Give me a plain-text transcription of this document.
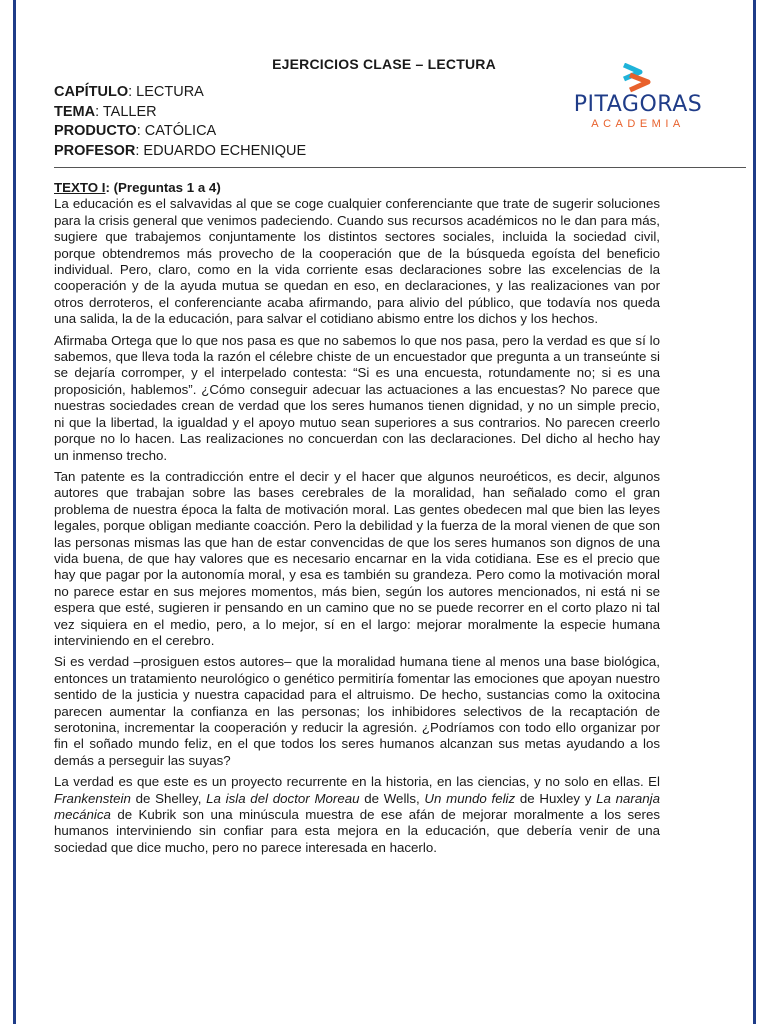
EJERCICIOS CLASE – LECTURA
CAPÍTULO: LECTURA
TEMA: TALLER
PRODUCTO: CATÓLICA
PROFESOR: EDUARDO ECHENIQUE
PITAGORAS
ACADEMIA
TEXTO I: (Preguntas 1 a 4)

La educación es el salvavidas al que se coge cualquier conferenciante que trate de sugerir soluciones para la crisis general que venimos padeciendo. Cuando sus recursos académicos no le dan para más, sugiere que trabajemos conjuntamente los distintos sectores sociales, incluida la sociedad civil, porque obtendremos más provecho de la cooperación que de la búsqueda egoísta del beneficio individual. Pero, claro, como en la vida corriente esas declaraciones sobre las excelencias de la cooperación y de la ayuda mutua se quedan en eso, en declaraciones, y las realizaciones van por otros derroteros, el conferenciante acaba afirmando, para alivio del público, que todavía nos queda una salida, la de la educación, para salvar el cotidiano abismo entre los dichos y los hechos.

Afirmaba Ortega que lo que nos pasa es que no sabemos lo que nos pasa, pero la verdad es que sí lo sabemos, que lleva toda la razón el célebre chiste de un encuestador que pregunta a un transeúnte si se dejaría corromper, y el interpelado contesta: “Si es una encuesta, rotundamente no; si es una proposición, hablemos”. ¿Cómo conseguir adecuar las actuaciones a las encuestas? No parece que nuestras sociedades crean de verdad que los seres humanos tienen dignidad, y no un simple precio, ni que la libertad, la igualdad y el apoyo mutuo sean superiores a sus contrarios. No parecen creerlo porque no lo hacen. Las realizaciones no concuerdan con las declaraciones. Del dicho al hecho hay un inmenso trecho.

Tan patente es la contradicción entre el decir y el hacer que algunos neuroéticos, es decir, algunos autores que trabajan sobre las bases cerebrales de la moralidad, han señalado como el gran problema de nuestra época la falta de motivación moral. Las gentes obedecen mal que bien las leyes legales, porque obligan mediante coacción. Pero la debilidad y la fuerza de la moral vienen de que son las personas mismas las que han de estar convencidas de que los seres humanos son dignos de una vida buena, de que hay valores que es necesario encarnar en la vida cotidiana. Ese es el precio que hay que pagar por la autonomía moral, y esa es también su grandeza. Pero como la motivación moral no parece estar en sus mejores momentos, más bien, según los autores mencionados, ni está ni se espera que esté, sugieren ir pensando en un camino que no se puede recorrer en el corto plazo ni tal vez siquiera en el medio, pero, a lo mejor, sí en el largo: mejorar moralmente la especie humana interviniendo en el cerebro.

Si es verdad –prosiguen estos autores– que la moralidad humana tiene al menos una base biológica, entonces un tratamiento neurológico o genético permitiría fomentar las emociones que apoyan nuestro sentido de la justicia y nuestra capacidad para el altruismo. De hecho, sustancias como la oxitocina parecen aumentar la confianza en las personas; los inhibidores selectivos de la recaptación de serotonina, incrementar la cooperación y reducir la agresión. ¿Podríamos con todo ello organizar por fin el soñado mundo feliz, en el que todos los seres humanos alcanzan sus metas ayudando a los demás a perseguir las suyas?

La verdad es que este es un proyecto recurrente en la historia, en las ciencias, y no solo en ellas. El Frankenstein de Shelley, La isla del doctor Moreau de Wells, Un mundo feliz de Huxley y La naranja mecánica de Kubrik son una minúscula muestra de ese afán de mejorar moralmente a los seres humanos interviniendo sin confiar para esta mejora en la educación, que debería venir de una sociedad que dice mucho, pero no parece interesada en hacerlo.
